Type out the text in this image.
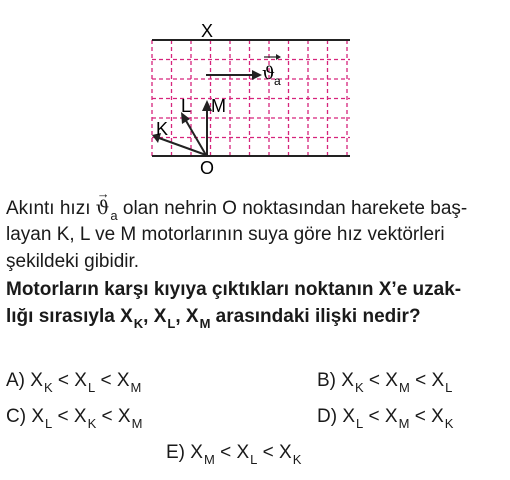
X
O
ϑ a
M
L
K
Akıntı hızı
→
$ϑ_a$ olan nehrin O noktasından harekete baş-
layan K, L ve M motorlarının suya göre hız vektörleri
şekildeki gibidir.
Motorların karşı kıyıya çıktıkları noktanın X’e uzak-
lığı sırasıyla $X_K$, $X_L$, $X_M$ arasındaki ilişki nedir?
A) $X_K < X_L < X_M$	B) $X_K < X_M < X_L$
C) $X_L < X_K < X_M$	D) $X_L < X_M < X_K$
E) $X_M < X_L < X_K$
